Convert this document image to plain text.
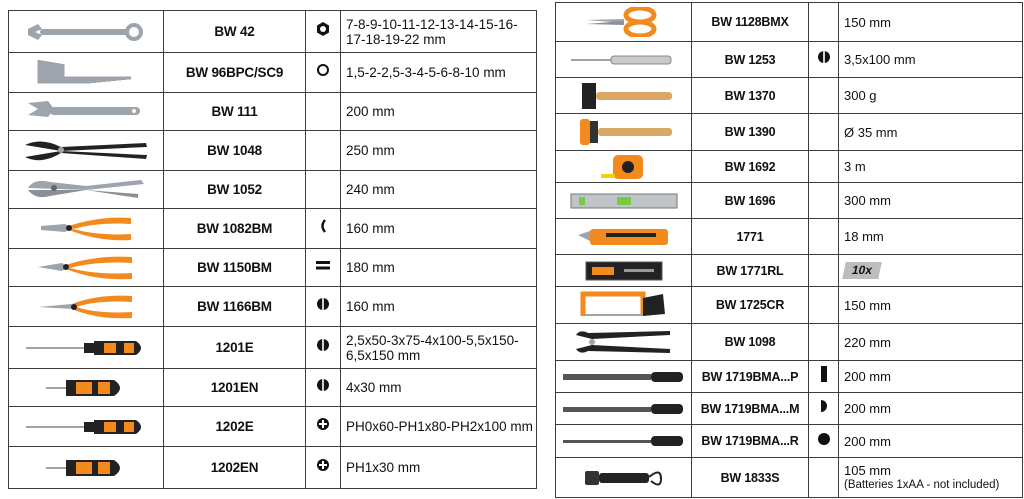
	BW 42		7-8-9-10-11-12-13-14-15-16-17-18-19-22 mm

	BW 96BPC/SC9		1,5-2-2,5-3-4-5-6-8-10 mm

	BW 111		200 mm

	BW 1048		250 mm

	BW 1052		240 mm

	BW 1082BM		160 mm

	BW 1150BM		180 mm

	BW 1166BM		160 mm

	1201E		2,5x50-3x75-4x100-5,5x150-6,5x150 mm

	1201EN		4x30 mm

	1202E		PH0x60-PH1x80-PH2x100 mm

	1202EN		PH1x30 mm
	BW 1128BMX		150 mm

	BW 1253		3,5x100 mm

	BW 1370		300 g

	BW 1390		Ø 35 mm

	BW 1692		3 m

	BW 1696		300 mm

	1771		18 mm

	BW 1771RL		10x

	BW 1725CR		150 mm

	BW 1098		220 mm

	BW 1719BMA...P		200 mm

	BW 1719BMA...M		200 mm

	BW 1719BMA...R		200 mm

	BW 1833S		105 mm
(Batteries 1xAA - not included)
